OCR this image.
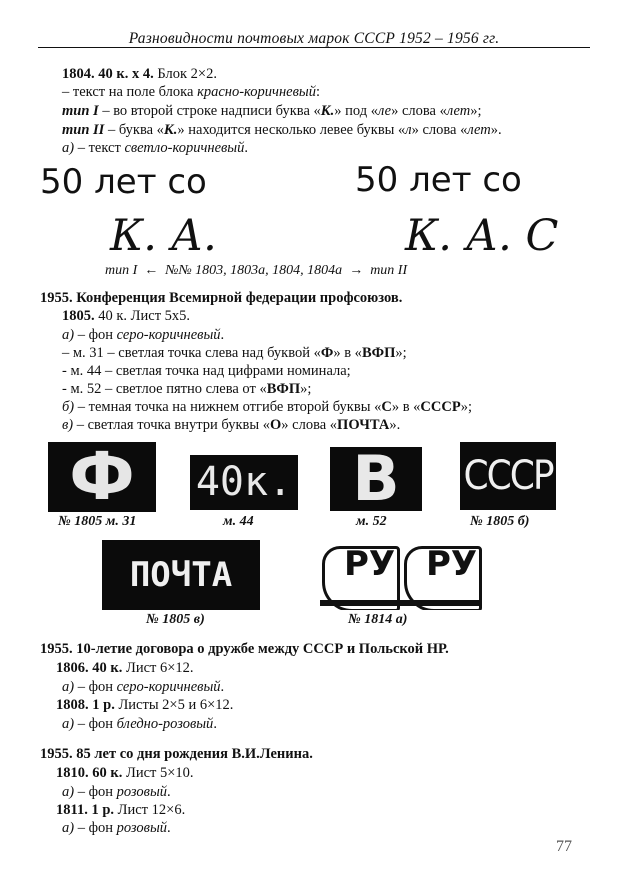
Разновидности почтовых марок СССР 1952 – 1956 гг.
1804. 40 к. х 4. Блок 2×2.
– текст на поле блока красно-коричневый:
тип I – во второй строке надписи буква «К.» под «ле» слова «лет»;
тип II – буква «К.» находится несколько левее буквы «л» слова «лет».
а) – текст светло-коричневый.
50 лет со
К. А.
50 лет со
К. А. С
тип I ← №№ 1803, 1803а, 1804, 1804а → тип II
1955. Конференция Всемирной федерации профсоюзов.
1805. 40 к. Лист 5х5.
а) – фон серо-коричневый.
– м. 31 – светлая точка слева над буквой «Ф» в «ВФП»;
- м. 44 – светлая точка над цифрами номинала;
- м. 52 – светлое пятно слева от «ВФП»;
б) – темная точка на нижнем отгибе второй буквы «С» в «СССР»;
в) – светлая точка внутри буквы «О» слова «ПОЧТА».
Ф
№ 1805 м. 31
40к.
м. 44
В
м. 52
СССР
№ 1805 б)
ПОЧТА
№ 1805 в)
РУ РУ
№ 1814 а)
1955. 10-летие договора о дружбе между СССР и Польской НР.
1806. 40 к. Лист 6×12.
а) – фон серо-коричневый.
1808. 1 р. Листы 2×5 и 6×12.
а) – фон бледно-розовый.
1955. 85 лет со дня рождения В.И.Ленина.
1810. 60 к. Лист 5×10.
а) – фон розовый.
1811. 1 р. Лист 12×6.
а) – фон розовый.
77
